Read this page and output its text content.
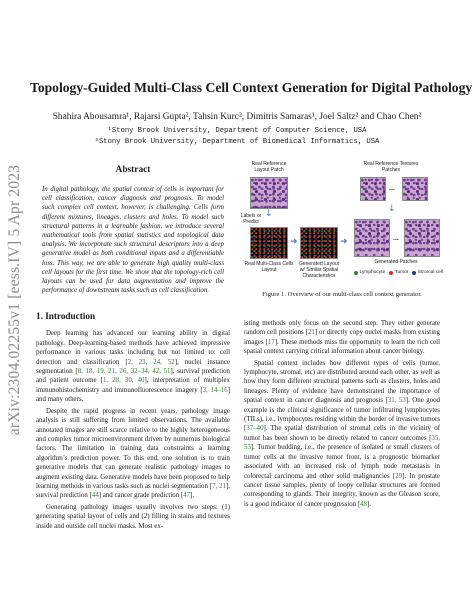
arXiv:2304.02255v1 [eess.IV] 5 Apr 2023
Topology-Guided Multi-Class Cell Context Generation for Digital Pathology
Shahira Abousamra¹, Rajarsi Gupta², Tahsin Kurc², Dimitris Samaras¹, Joel Saltz² and Chao Chen²
¹Stony Brook University, Department of Computer Science, USA
²Stony Brook University, Department of Biomedical Informatics, USA
Abstract
In digital pathology, the spatial context of cells is important for cell classification, cancer diagnosis and prognosis. To model such complex cell context, however, is challenging. Cells form different mixtures, lineages, clusters and holes. To model such structural patterns in a learnable fashion, we introduce several mathematical tools from spatial statistics and topological data analysis. We incorporate such structural descriptors into a deep generative model as both conditional inputs and a differentiable loss. This way, we are able to generate high quality multi-class cell layouts for the first time. We show that the topology-rich cell layouts can be used for data augmentation and improve the performance of downstream tasks such as cell classification.
1. Introduction
Deep learning has advanced our learning ability in digital pathology. Deep-learning-based methods have achieved impressive performance in various tasks including but not limited to: cell detection and classification [2, 23, 24, 52], nuclei instance segmentation [8, 18, 19, 21, 26, 32–34, 42, 51], survival prediction and patient outcome [1, 28, 30, 40], interpretation of multiplex immunohistochemistry and immunofluorescence imagery [3, 14–16] and many others.
Despite the rapid progress in recent years, pathology image analysis is still suffering from limited observations. The available annotated images are still scarce relative to the highly heterogeneous and complex tumor microenvironment driven by numerous biological factors. The limitation in training data constraints a learning algorithm’s prediction power. To this end, one solution is to train generative models that can generate realistic pathology images to augment existing data. Generative models have been proposed to help learning methods in various tasks such as nuclei segmentation [7, 21], survival prediction [44] and cancer grade prediction [47].
Generating pathology images usually involves two steps: (1) generating spatial layout of cells and (2) filling in stains and textures inside and outside cell nuclei masks. Most ex-
Real Reference Layout Patch
↓
Labels or Predict
Real Multi-Class Cells Layout
➜
Generated Layout w/ Similar Spatial Characteristics
➜
Real Reference Textures Patches
...
↓
...
Generated Patches
Lymphocyte Tumor Stromal cell
Figure 1. Overview of our multi-class cell context generator.
isting methods only focus on the second step. They either generate random cell positions [21] or directly copy nuclei masks from existing images [17]. These methods miss the opportunity to learn the rich cell spatial context carrying critical information about cancer biology.
Spatial context includes how different types of cells (tumor, lymphocyte, stromal, etc) are distributed around each other, as well as how they form different structural patterns such as clusters, holes and lineages. Plenty of evidence have demonstrated the importance of spatial context in cancer diagnosis and prognosis [31, 53]. One good example is the clinical significance of tumor infiltrating lymphocytes (TILs), i.e., lymphocytes residing within the border of invasive tumors [37–40]. The spatial distribution of stromal cells in the vicinity of tumor has been shown to be directly related to cancer outcomes [35, 53]. Tumor budding, i.e., the presence of isolated or small clusters of tumor cells at the invasive tumor front, is a prognostic biomarker associated with an increased risk of lymph node metastasis in colorectal carcinoma and other solid malignancies [29]. In prostate cancer tissue samples, plenty of loopy cellular structures are formed corresponding to glands. Their integrity, known as the Gleason score, is a good indicator of cancer progression [48].
